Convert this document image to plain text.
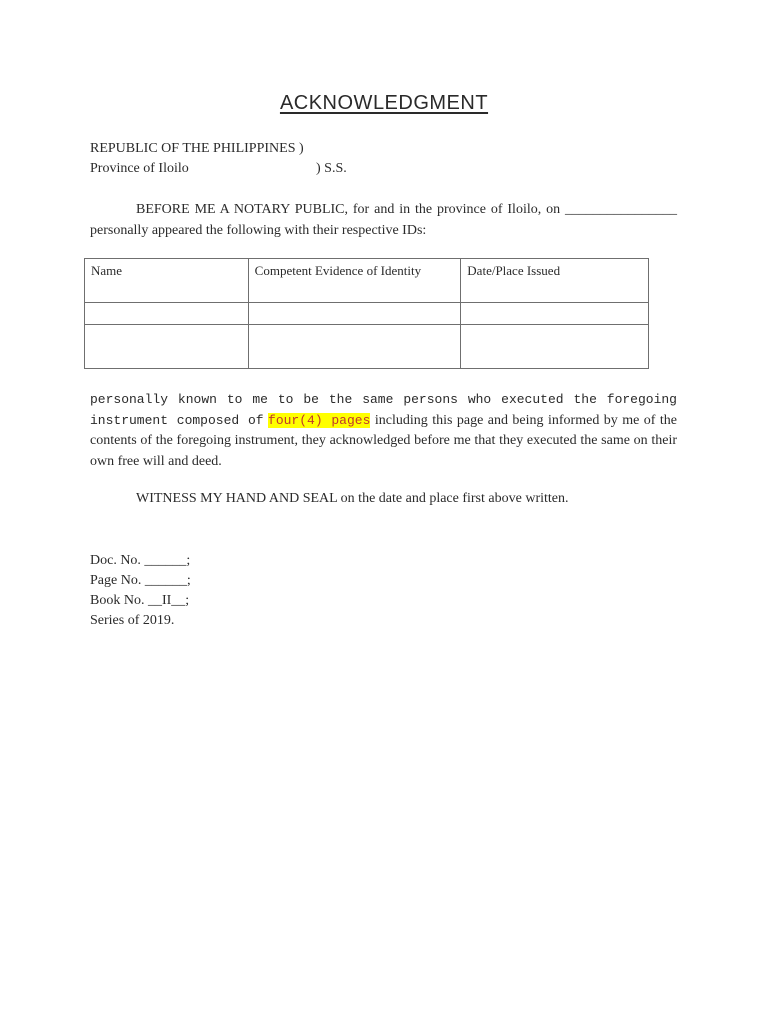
ACKNOWLEDGMENT
REPUBLIC OF THE PHILIPPINES )
Province of Iloilo	) S.S.
BEFORE ME A NOTARY PUBLIC, for and in the province of Iloilo, on ________________ personally appeared the following with their respective IDs:
Name	Competent Evidence of Identity	Date/Place Issued

personally known to me to be the same persons who executed the foregoing instrument composed of four(4) pages including this page and being informed by me of the contents of the foregoing instrument, they acknowledged before me that they executed the same on their own free will and deed.
WITNESS MY HAND AND SEAL on the date and place first above written.
Doc. No. ______;
Page No. ______;
Book No. __II__;
Series of 2019.
